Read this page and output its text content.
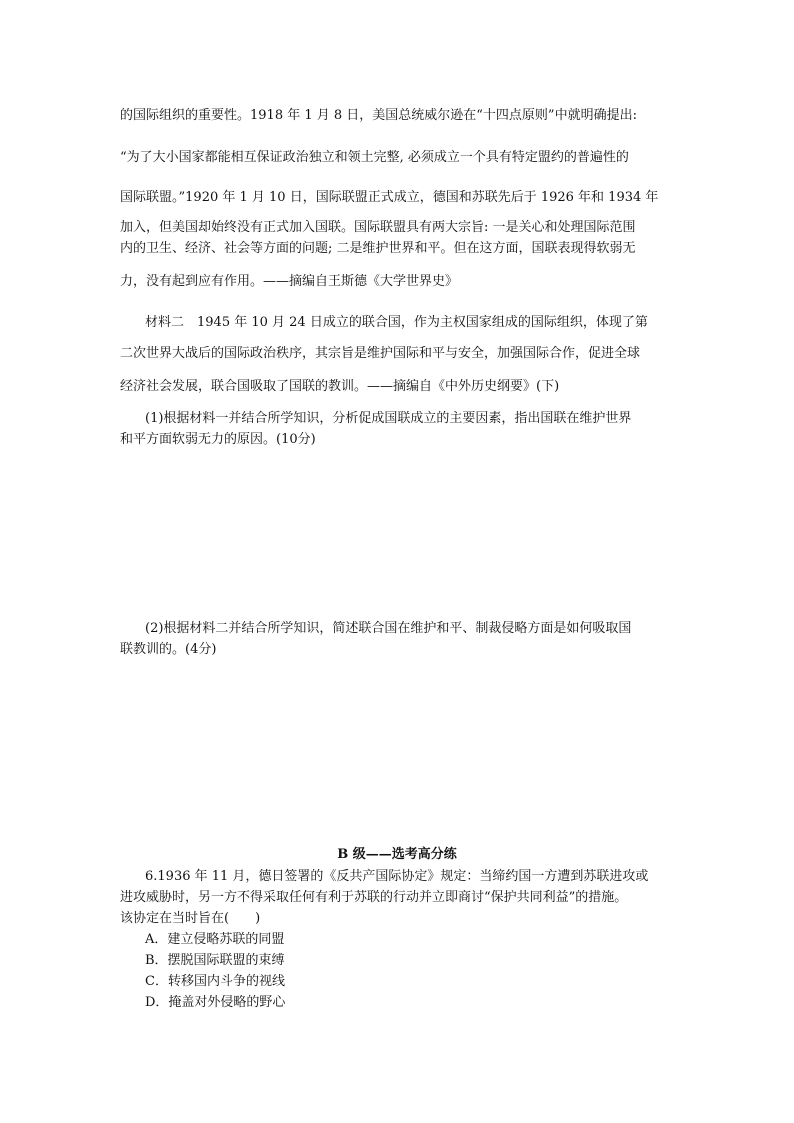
的国际组织的重要性。1918 年 1 月 8 日，美国总统威尔逊在“十四点原则”中就明确提出:
“为了大小国家都能相互保证政治独立和领土完整, 必须成立一个具有特定盟约的普遍性的
国际联盟。”1920 年 1 月 10 日，国际联盟正式成立，德国和苏联先后于 1926 年和 1934 年
加入，但美国却始终没有正式加入国联。国际联盟具有两大宗旨: 一是关心和处理国际范围
内的卫生、经济、社会等方面的问题; 二是维护世界和平。但在这方面，国联表现得软弱无
力，没有起到应有作用。——摘编自王斯德《大学世界史》
材料二　1945 年 10 月 24 日成立的联合国，作为主权国家组成的国际组织，体现了第
二次世界大战后的国际政治秩序，其宗旨是维护国际和平与安全，加强国际合作，促进全球
经济社会发展，联合国吸取了国联的教训。——摘编自《中外历史纲要》(下)
(1)根据材料一并结合所学知识，分析促成国联成立的主要因素，指出国联在维护世界
和平方面软弱无力的原因。(10分)
(2)根据材料二并结合所学知识，简述联合国在维护和平、制裁侵略方面是如何吸取国
联教训的。(4分)
B 级——选考高分练
6.1936 年 11 月，德日签署的《反共产国际协定》规定：当缔约国一方遭到苏联进攻或
进攻威胁时，另一方不得采取任何有利于苏联的行动并立即商讨“保护共同利益”的措施。
该协定在当时旨在(　　)
A．建立侵略苏联的同盟
B．摆脱国际联盟的束缚
C．转移国内斗争的视线
D．掩盖对外侵略的野心
